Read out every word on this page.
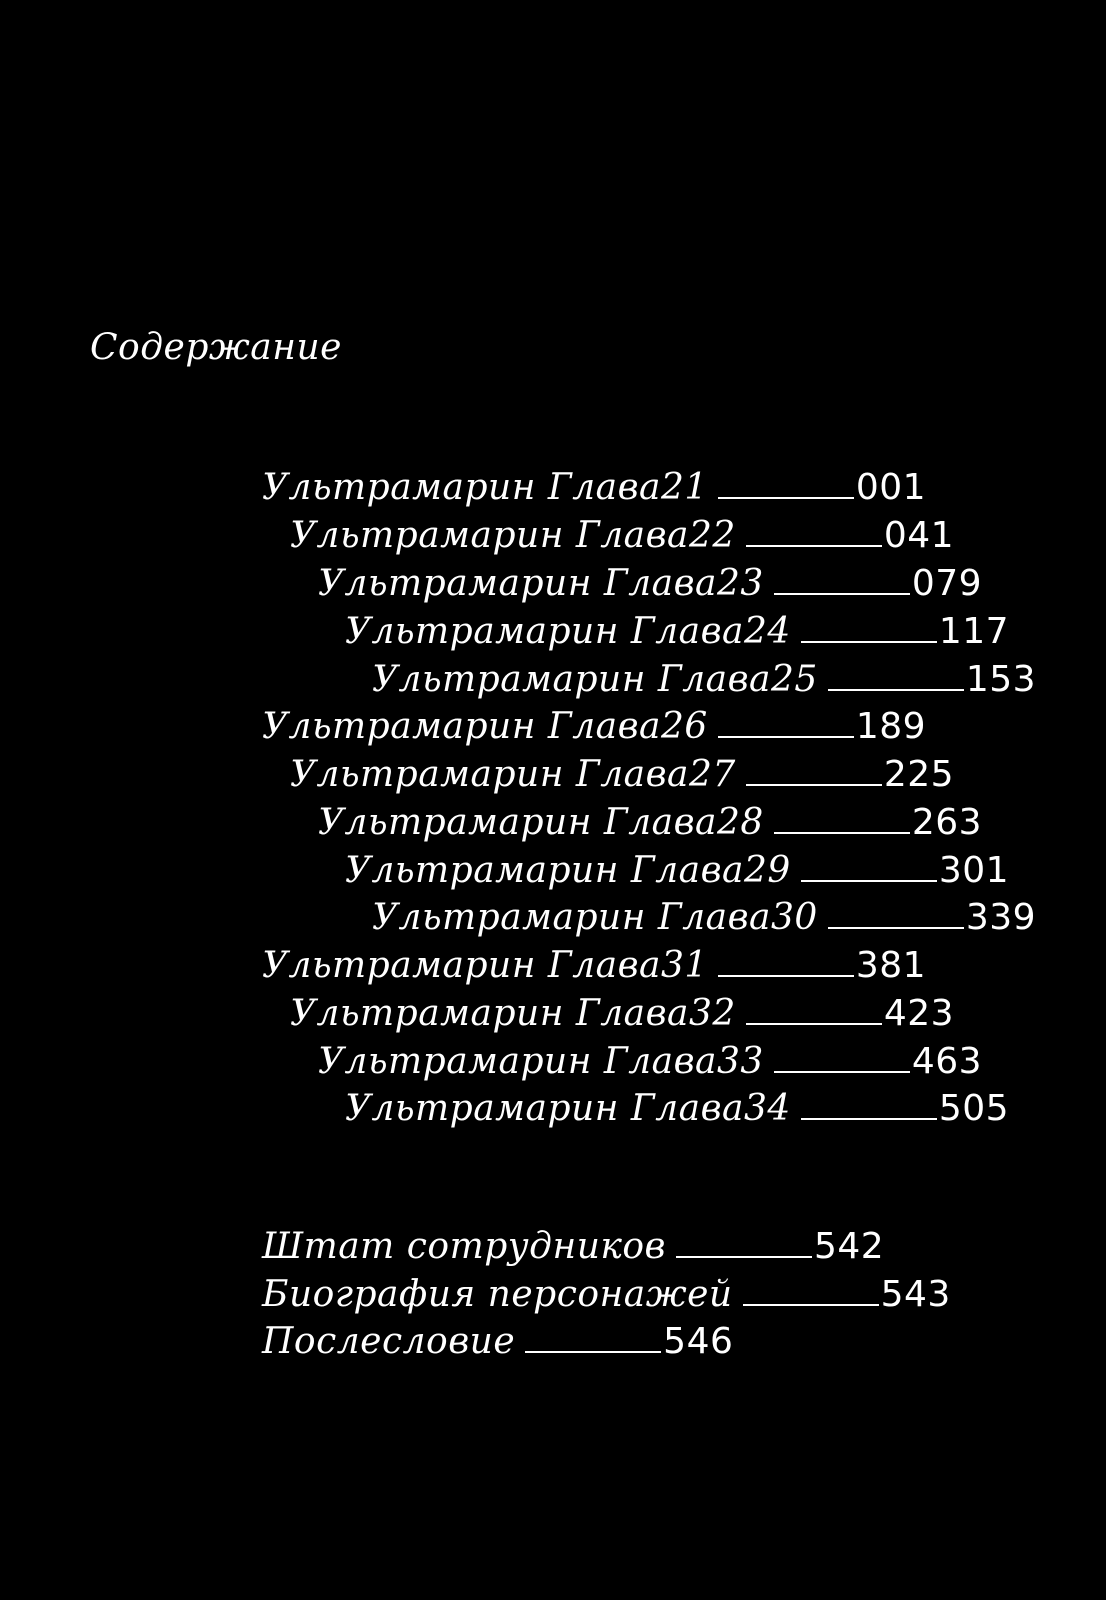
Содержание
Ультрамарин Глава21	001
Ультрамарин Глава22	041
Ультрамарин Глава23	079
Ультрамарин Глава24	117
Ультрамарин Глава25	153
Ультрамарин Глава26	189
Ультрамарин Глава27	225
Ультрамарин Глава28	263
Ультрамарин Глава29	301
Ультрамарин Глава30	339
Ультрамарин Глава31	381
Ультрамарин Глава32	423
Ультрамарин Глава33	463
Ультрамарин Глава34	505
Штат сотрудников	542
Биография персонажей	543
Послесловие	546
